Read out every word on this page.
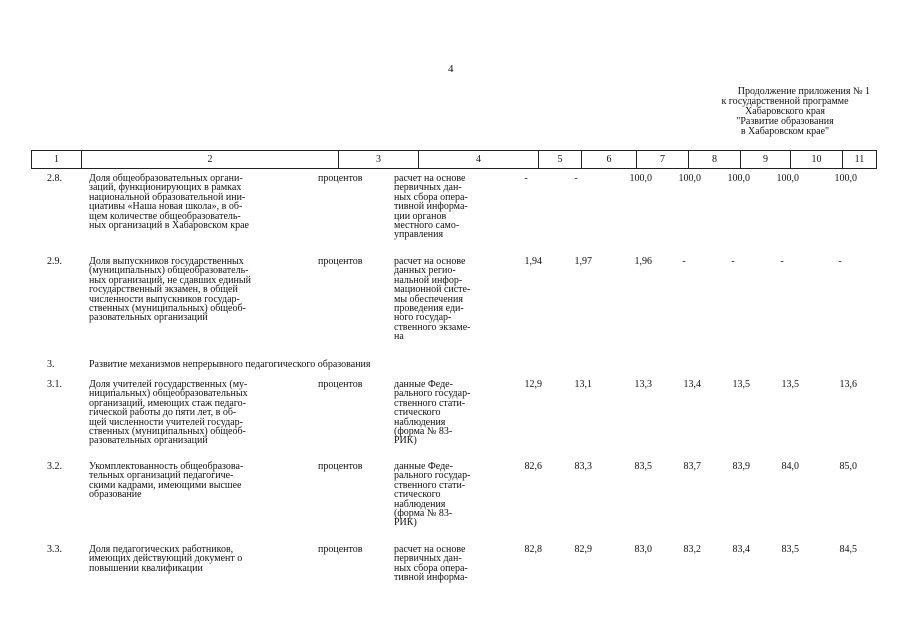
4
Продолжение приложения № 1
к государственной программе
Хабаровского края
"Развитие образования
в Хабаровском крае"
1	2	3	4	5	6	7	8	9	10	11
2.8.	Доля общеобразовательных органи-
заций, функционирующих в рамках
национальной образовательной ини-
циативы «Наша новая школа», в об-
щем количестве общеобразователь-
ных организаций в Хабаровском крае
процентов	расчет на основе
первичных дан-
ных сбора опера-
тивной информа-
ции органов
местного само-
управления
-	-	100,0	100,0	100,0	100,0	100,0
2.9.	Доля выпускников государственных
(муниципальных) общеобразователь-
ных организаций, не сдавших единый
государственный экзамен, в общей
численности выпускников государ-
ственных (муниципальных) общеоб-
разовательных организаций
процентов	расчет на основе
данных регио-
нальной инфор-
мационной систе-
мы обеспечения
проведения еди-
ного государ-
ственного экзаме-
на
1,94	1,97	1,96	-	-	-	-
3.	Развитие механизмов непрерывного педагогического образования
3.1.	Доля учителей государственных (му-
ниципальных) общеобразовательных
организаций, имеющих стаж педаго-
гической работы до пяти лет, в об-
щей численности учителей государ-
ственных (муниципальных) общеоб-
разовательных организаций
процентов	данные Феде-
рального государ-
ственного стати-
стического
наблюдения
(форма № 83-
РИК)
12,9	13,1	13,3	13,4	13,5	13,5	13,6
3.2.	Укомплектованность общеобразова-
тельных организаций педагогиче-
скими кадрами, имеющими высшее
образование
процентов	данные Феде-
рального государ-
ственного стати-
стического
наблюдения
(форма № 83-
РИК)
82,6	83,3	83,5	83,7	83,9	84,0	85,0
3.3.	Доля педагогических работников,
имеющих действующий документ о
повышении квалификации
процентов	расчет на основе
первичных дан-
ных сбора опера-
тивной информа-
82,8	82,9	83,0	83,2	83,4	83,5	84,5
